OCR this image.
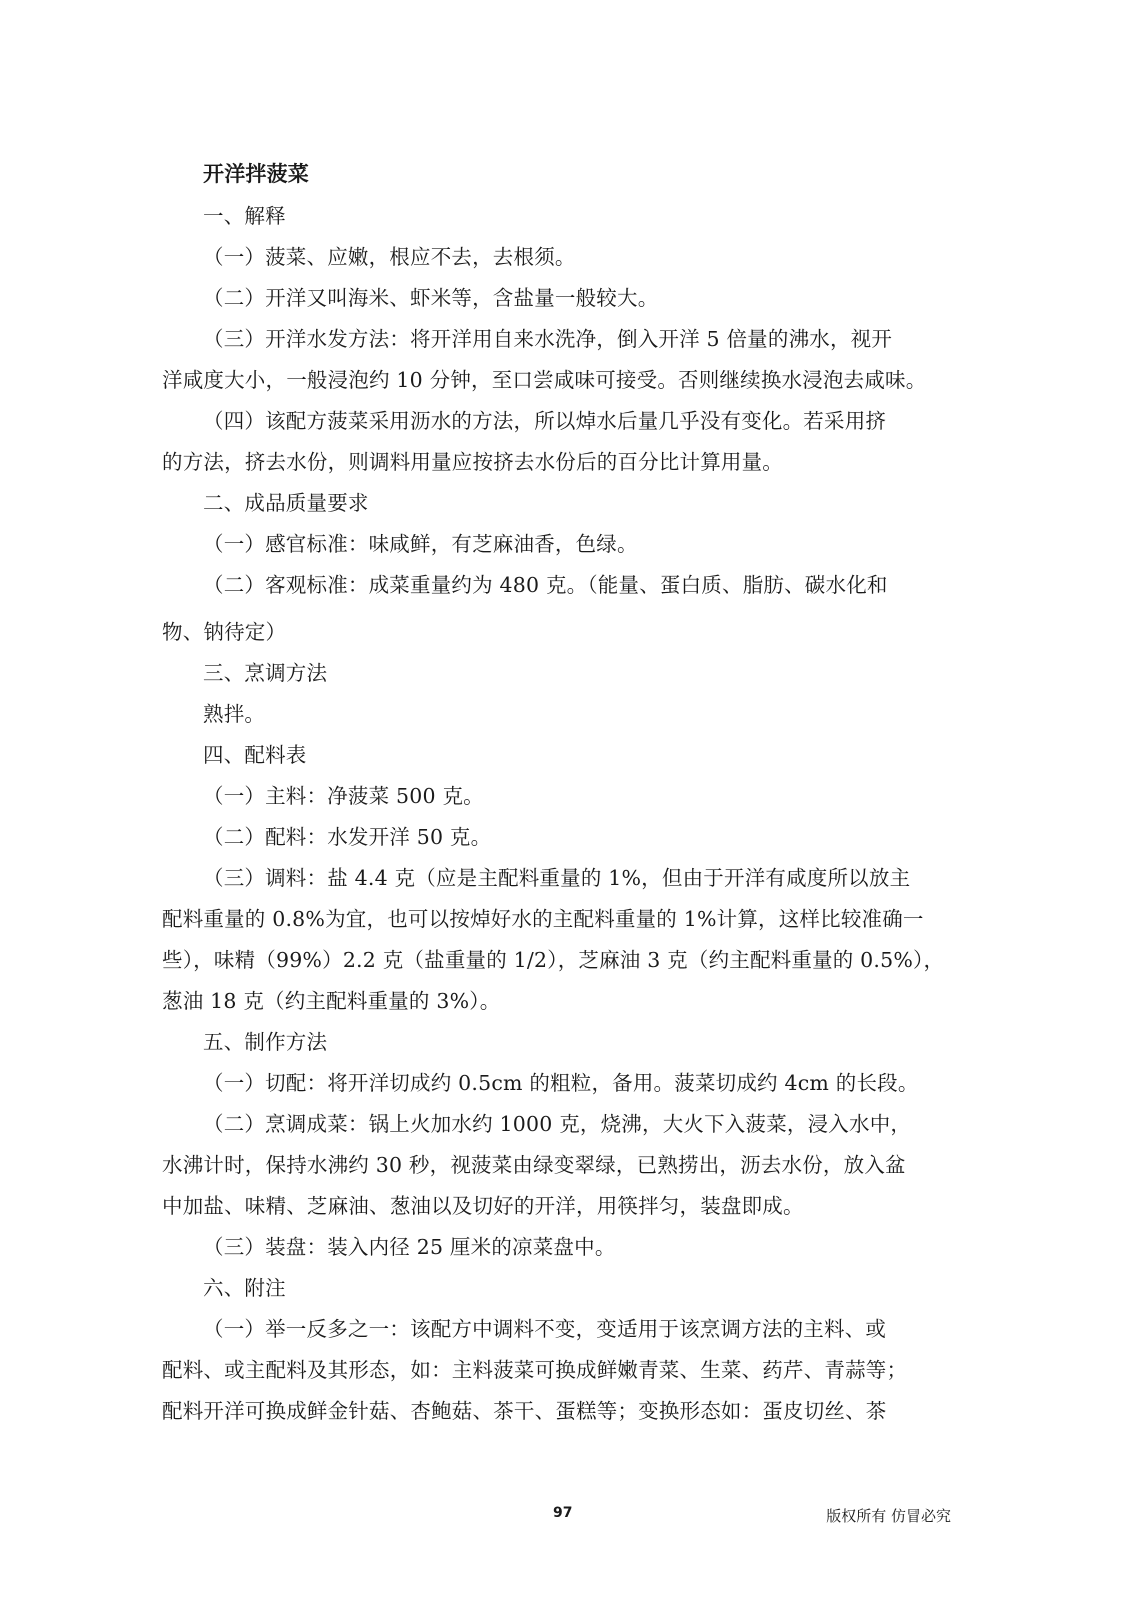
开洋拌菠菜
一、解释
（一）菠菜、应嫩，根应不去，去根须。
（二）开洋又叫海米、虾米等，含盐量一般较大。
（三）开洋水发方法：将开洋用自来水洗净，倒入开洋 5 倍量的沸水，视开
洋咸度大小，一般浸泡约 10 分钟，至口尝咸味可接受。否则继续换水浸泡去咸味。
（四）该配方菠菜采用沥水的方法，所以焯水后量几乎没有变化。若采用挤
的方法，挤去水份，则调料用量应按挤去水份后的百分比计算用量。
二、成品质量要求
（一）感官标准：味咸鲜，有芝麻油香，色绿。
（二）客观标准：成菜重量约为 480 克。（能量、蛋白质、脂肪、碳水化和
物、钠待定）
三、烹调方法
熟拌。
四、配料表
（一）主料：净菠菜 500 克。
（二）配料：水发开洋 50 克。
（三）调料：盐 4.4 克（应是主配料重量的 1%，但由于开洋有咸度所以放主
配料重量的 0.8%为宜，也可以按焯好水的主配料重量的 1%计算，这样比较准确一
些），味精（99%）2.2 克（盐重量的 1/2），芝麻油 3 克（约主配料重量的 0.5%），
葱油 18 克（约主配料重量的 3%）。
五、制作方法
（一）切配：将开洋切成约 0.5cm 的粗粒，备用。菠菜切成约 4cm 的长段。
（二）烹调成菜：锅上火加水约 1000 克，烧沸，大火下入菠菜，浸入水中，
水沸计时，保持水沸约 30 秒，视菠菜由绿变翠绿，已熟捞出，沥去水份，放入盆
中加盐、味精、芝麻油、葱油以及切好的开洋，用筷拌匀，装盘即成。
（三）装盘：装入内径 25 厘米的凉菜盘中。
六、附注
（一）举一反多之一：该配方中调料不变，变适用于该烹调方法的主料、或
配料、或主配料及其形态，如：主料菠菜可换成鲜嫩青菜、生菜、药芹、青蒜等；
配料开洋可换成鲜金针菇、杏鲍菇、茶干、蛋糕等；变换形态如：蛋皮切丝、茶
97	版权所有 仿冒必究
